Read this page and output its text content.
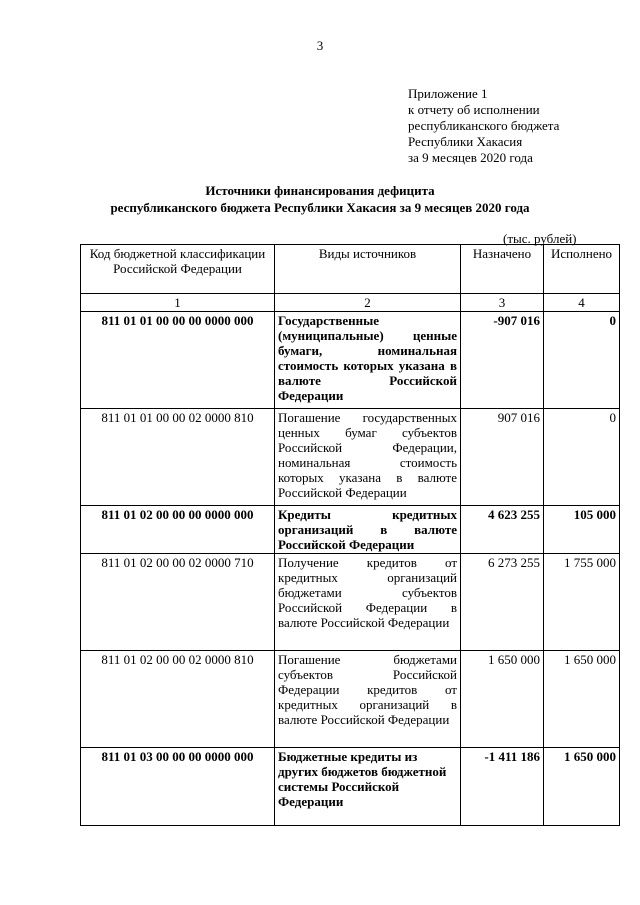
3
Приложение 1
к отчету об исполнении
республиканского бюджета
Республики Хакасия
за 9 месяцев 2020 года
Источники финансирования дефицита
республиканского бюджета Республики Хакасия за 9 месяцев 2020 года
(тыс. рублей)
Код бюджетной классификации Российской Федерации	Виды источников	Назначено	Исполнено
1	2	3	4
811 01 01 00 00 00 0000 000	Государственные (муниципальные) ценные бумаги, номинальная стоимость которых указана в валюте Российской Федерации	-907 016	0
811 01 01 00 00 02 0000 810	Погашение государственных ценных бумаг субъектов Российской Федерации, номинальная стоимость которых указана в валюте Российской Федерации	907 016	0
811 01 02 00 00 00 0000 000	Кредиты кредитных организаций в валюте Российской Федерации	4 623 255	105 000
811 01 02 00 00 02 0000 710	Получение кредитов от кредитных организаций бюджетами субъектов Российской Федерации в валюте Российской Федерации	6 273 255	1 755 000
811 01 02 00 00 02 0000 810	Погашение бюджетами субъектов Российской Федерации кредитов от кредитных организаций в валюте Российской Федерации	1 650 000	1 650 000
811 01 03 00 00 00 0000 000	Бюджетные кредиты из других бюджетов бюджетной системы Российской Федерации	-1 411 186	1 650 000
